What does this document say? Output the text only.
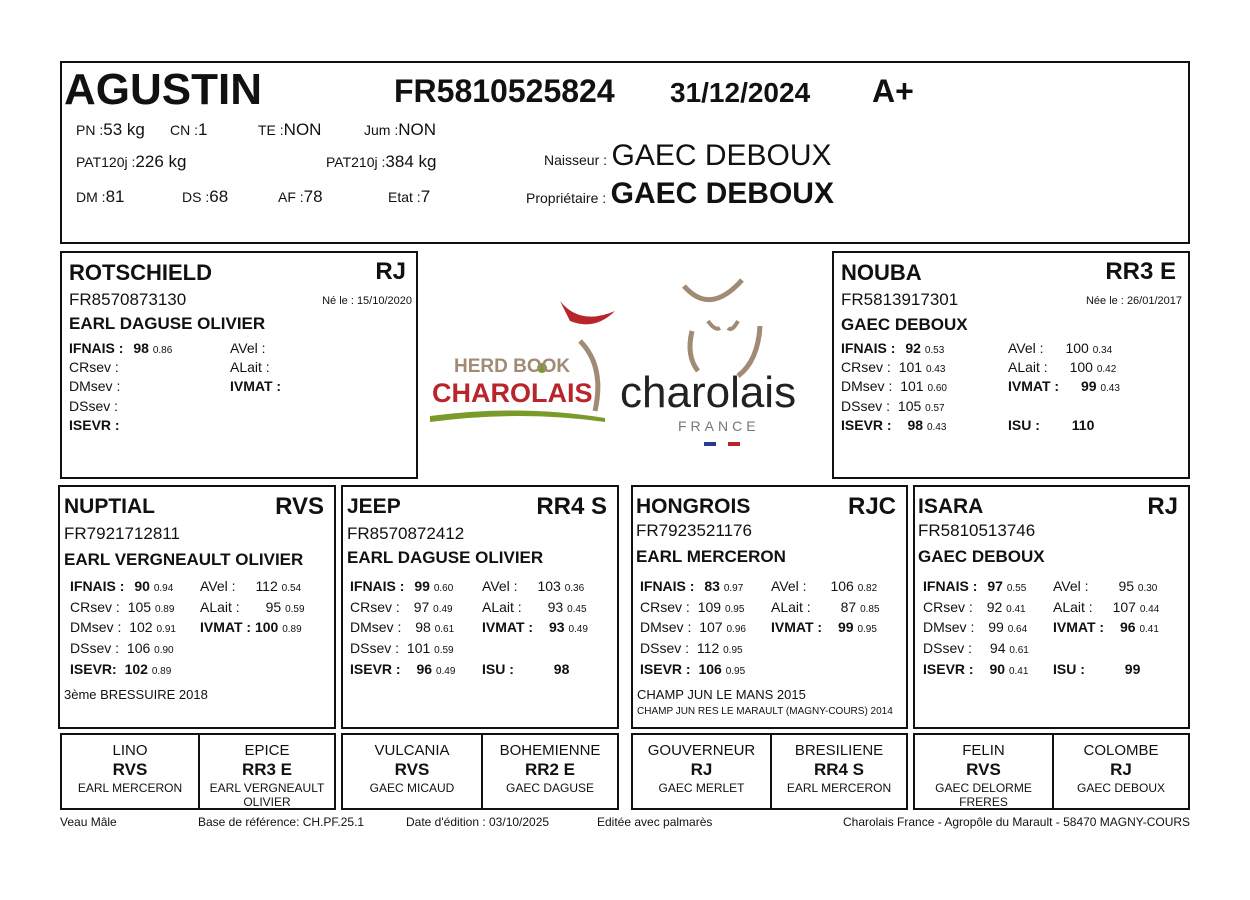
AGUSTIN	FR5810525824 31/12/2024 A+
PN :53 kg CN :1	TE :NON	Jum :NON
PAT120j :226 kg	PAT210j :384 kg
DM :81	DS :68	AF :78	Etat :7
Naisseur : GAEC DEBOUX
Propriétaire : GAEC DEBOUX
ROTSCHIELD	RJ
FR8570873130	Né le : 15/10/2020
EARL DAGUSE OLIVIER
IFNAIS : 98 0.86
CRsev :
DMsev :
DSsev :
ISEVR :
AVel :
ALait :
IVMAT :
HERD BOOK
CHAROLAIS charolais
FRANCE
NOUBA	RR3 E
FR5813917301	Née le : 26/01/2017
GAEC DEBOUX
IFNAIS : 92 0.53
CRsev : 101 0.43
DMsev : 101 0.60
DSsev : 105 0.57
ISEVR : 98 0.43
AVel : 100 0.34
ALait : 100 0.42
IVMAT : 99 0.43
ISU : 110
NUPTIAL	RVS
FR7921712811
EARL VERGNEAULT OLIVIER
IFNAIS : 90 0.94
CRsev : 105 0.89
DMsev : 102 0.91
DSsev : 106 0.90
ISEVR: 102 0.89
AVel : 112 0.54
ALait : 95 0.59
IVMAT : 100 0.89
3ème BRESSUIRE 2018
JEEP	RR4 S
FR8570872412
EARL DAGUSE OLIVIER
IFNAIS : 99 0.60
CRsev : 97 0.49
DMsev : 98 0.61
DSsev : 101 0.59
ISEVR : 96 0.49
AVel : 103 0.36
ALait : 93 0.45
IVMAT : 93 0.49
ISU :	98
HONGROIS	RJC
FR7923521176
EARL MERCERON
IFNAIS : 83 0.97
CRsev : 109 0.95
DMsev : 107 0.96
DSsev : 112 0.95
ISEVR : 106 0.95
AVel : 106 0.82
ALait : 87 0.85
IVMAT : 99 0.95
CHAMP JUN LE MANS 2015
CHAMP JUN RES LE MARAULT (MAGNY-COURS) 2014
ISARA	RJ
FR5810513746
GAEC DEBOUX
IFNAIS : 97 0.55
CRsev : 92 0.41
DMsev : 99 0.64
DSsev : 94 0.61
ISEVR : 90 0.41
AVel : 95 0.30
ALait : 107 0.44
IVMAT : 96 0.41
ISU :	99
LINO
RVS
EARL MERCERON
EPICE
RR3 E
EARL VERGNEAULT
OLIVIER
VULCANIA
RVS
GAEC MICAUD
BOHEMIENNE
RR2 E
GAEC DAGUSE
GOUVERNEUR
RJ
GAEC MERLET
BRESILIENE
RR4 S
EARL MERCERON
FELIN
RVS
GAEC DELORME
FRERES
COLOMBE
RJ
GAEC DEBOUX
Veau Mâle	Base de référence: CH.PF.25.1	Date d'édition : 03/10/2025	Editée avec palmarès	Charolais France - Agropôle du Marault - 58470 MAGNY-COURS
